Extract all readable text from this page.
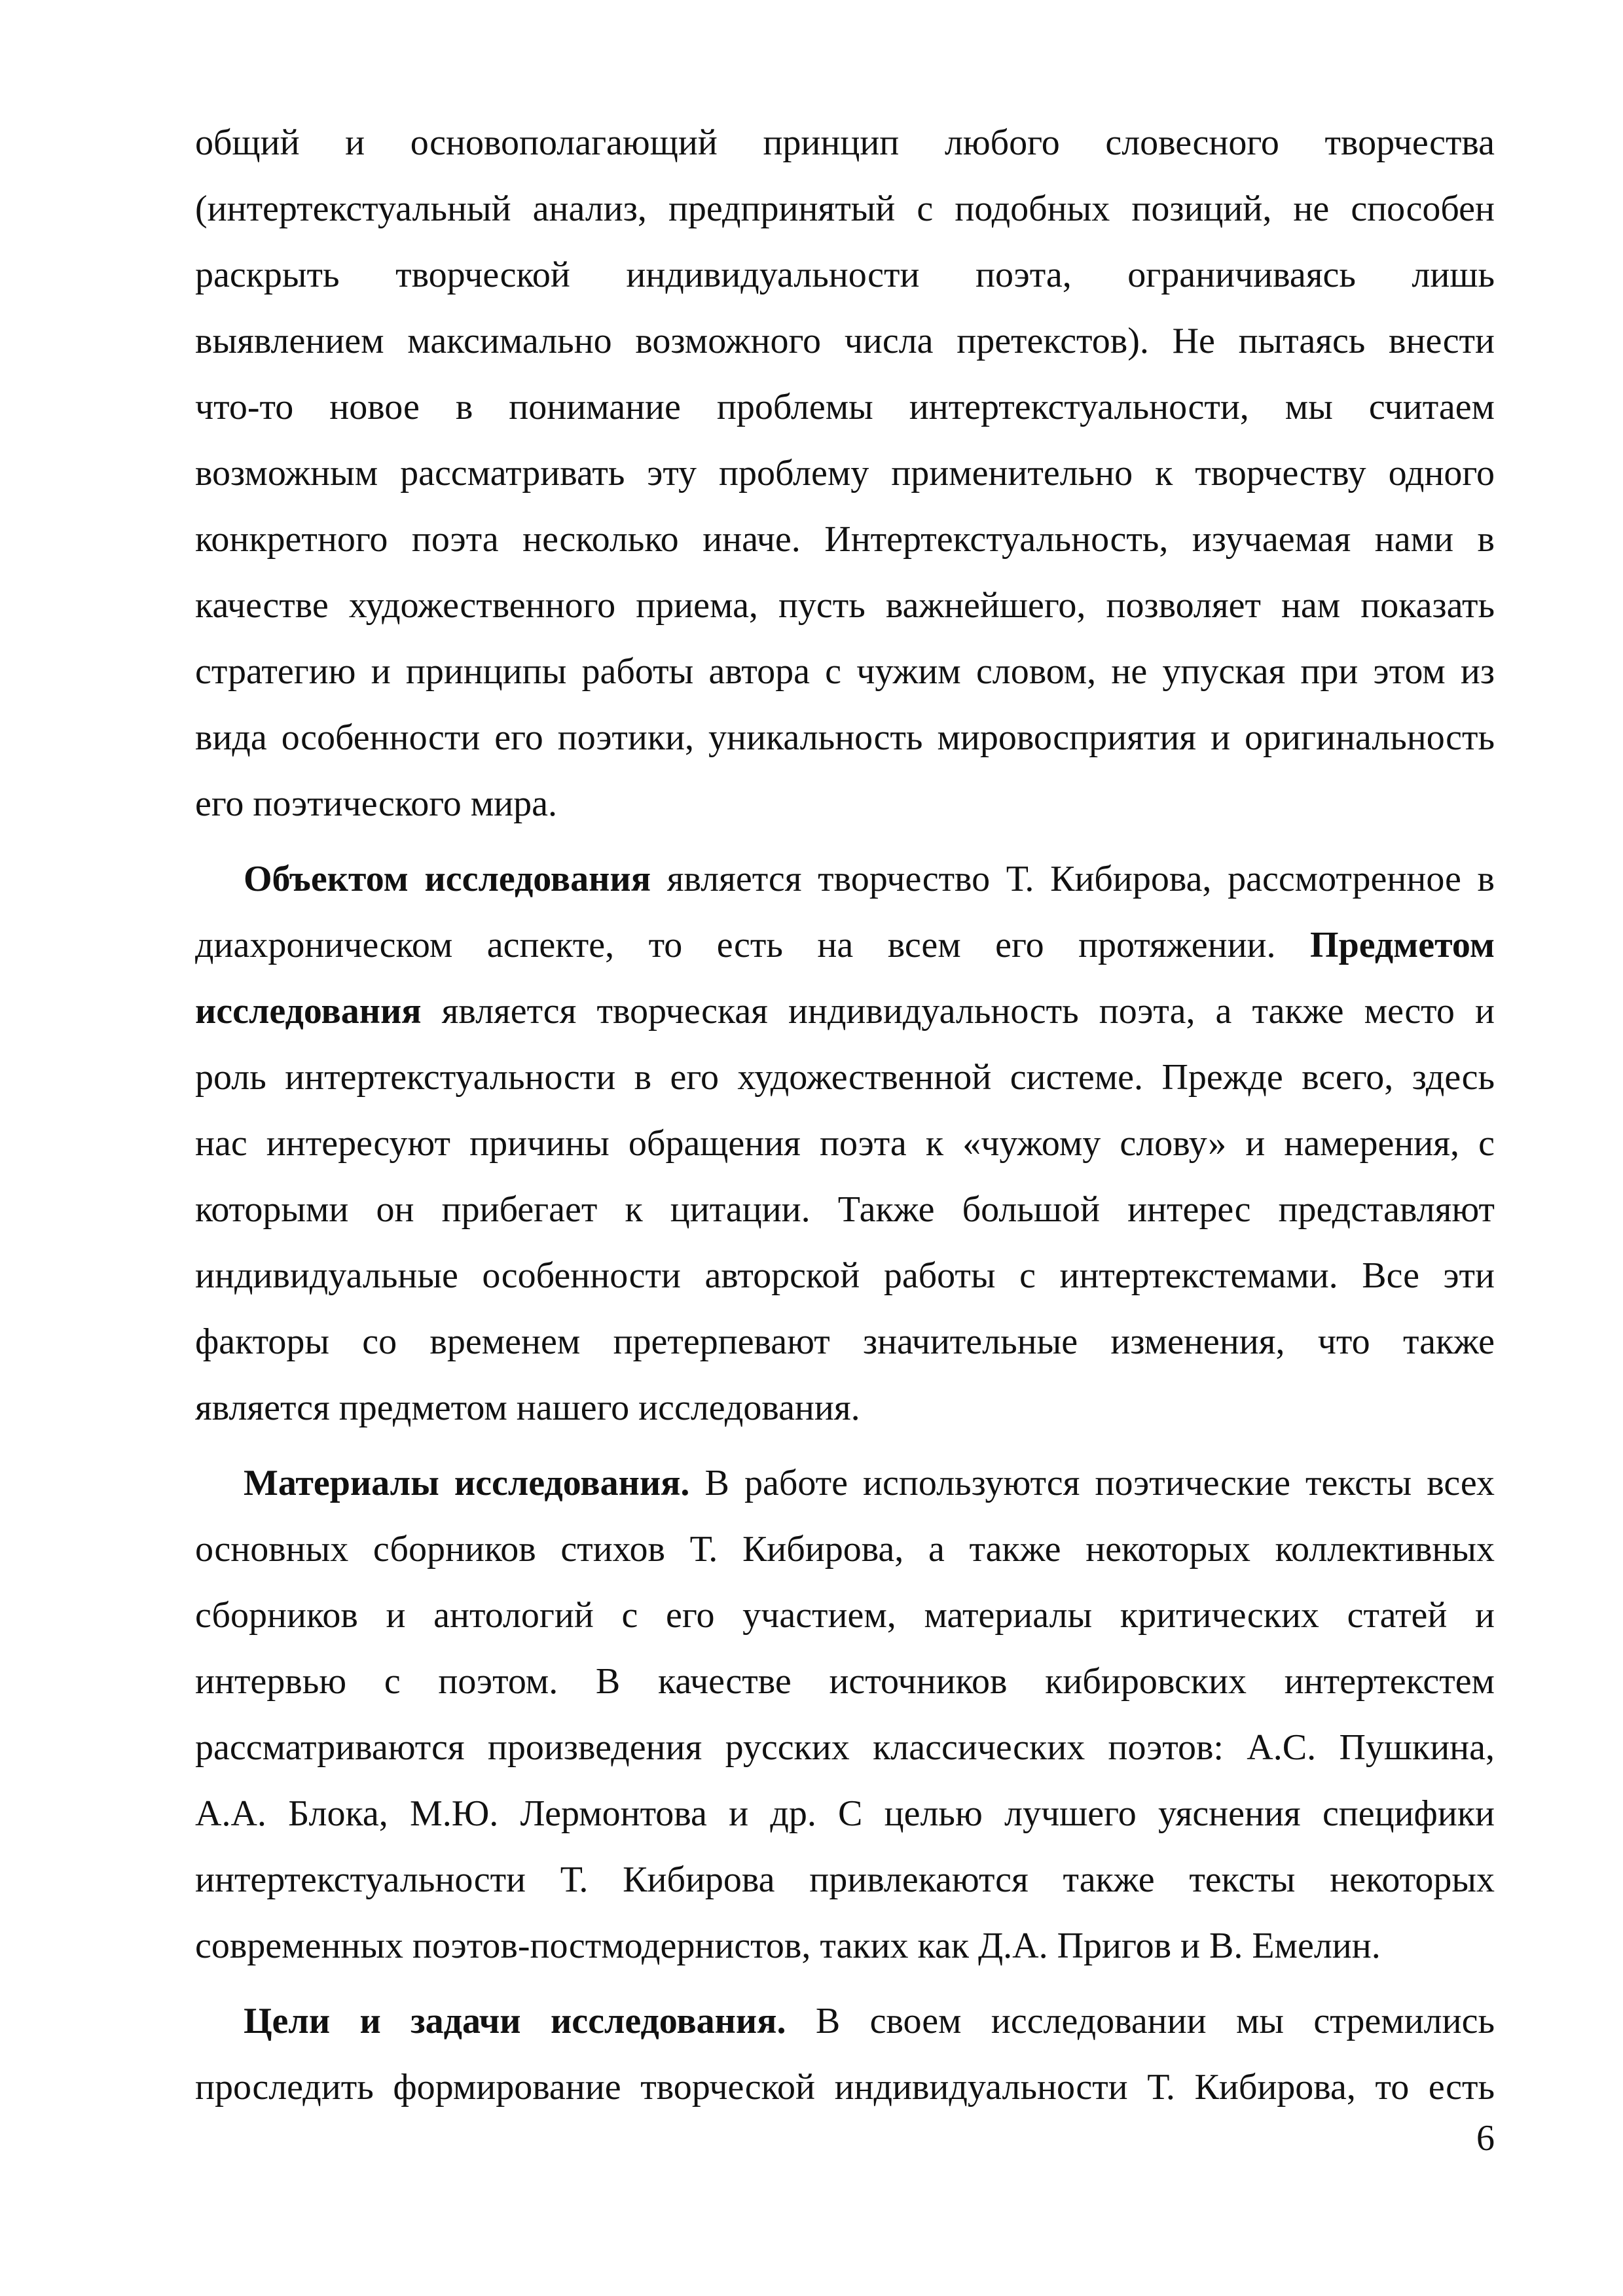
общий и основополагающий принцип любого словесного творчества
(интертекстуальный анализ, предпринятый с подобных позиций, не способен
раскрыть творческой индивидуальности поэта, ограничиваясь лишь
выявлением максимально возможного числа претекстов). Не пытаясь внести
что-то новое в понимание проблемы интертекстуальности, мы считаем
возможным рассматривать эту проблему применительно к творчеству одного
конкретного поэта несколько иначе. Интертекстуальность, изучаемая нами в
качестве художественного приема, пусть важнейшего, позволяет нам показать
стратегию и принципы работы автора с чужим словом, не упуская при этом из
вида особенности его поэтики, уникальность мировосприятия и оригинальность
его поэтического мира.

Объектом исследования является творчество Т. Кибирова, рассмотренное в
диахроническом аспекте, то есть на всем его протяжении. Предметом
исследования является творческая индивидуальность поэта, а также место и
роль интертекстуальности в его художественной системе. Прежде всего, здесь
нас интересуют причины обращения поэта к «чужому слову» и намерения, с
которыми он прибегает к цитации. Также большой интерес представляют
индивидуальные особенности авторской работы с интертекстемами. Все эти
факторы со временем претерпевают значительные изменения, что также
является предметом нашего исследования.

Материалы исследования. В работе используются поэтические тексты всех
основных сборников стихов Т. Кибирова, а также некоторых коллективных
сборников и антологий с его участием, материалы критических статей и
интервью с поэтом. В качестве источников кибировских интертекстем
рассматриваются произведения русских классических поэтов: А.С. Пушкина,
А.А. Блока, М.Ю. Лермонтова и др. С целью лучшего уяснения специфики
интертекстуальности Т. Кибирова привлекаются также тексты некоторых
современных поэтов-постмодернистов, таких как Д.А. Пригов и В. Емелин.

Цели и задачи исследования. В своем исследовании мы стремились
проследить формирование творческой индивидуальности Т. Кибирова, то есть

6
